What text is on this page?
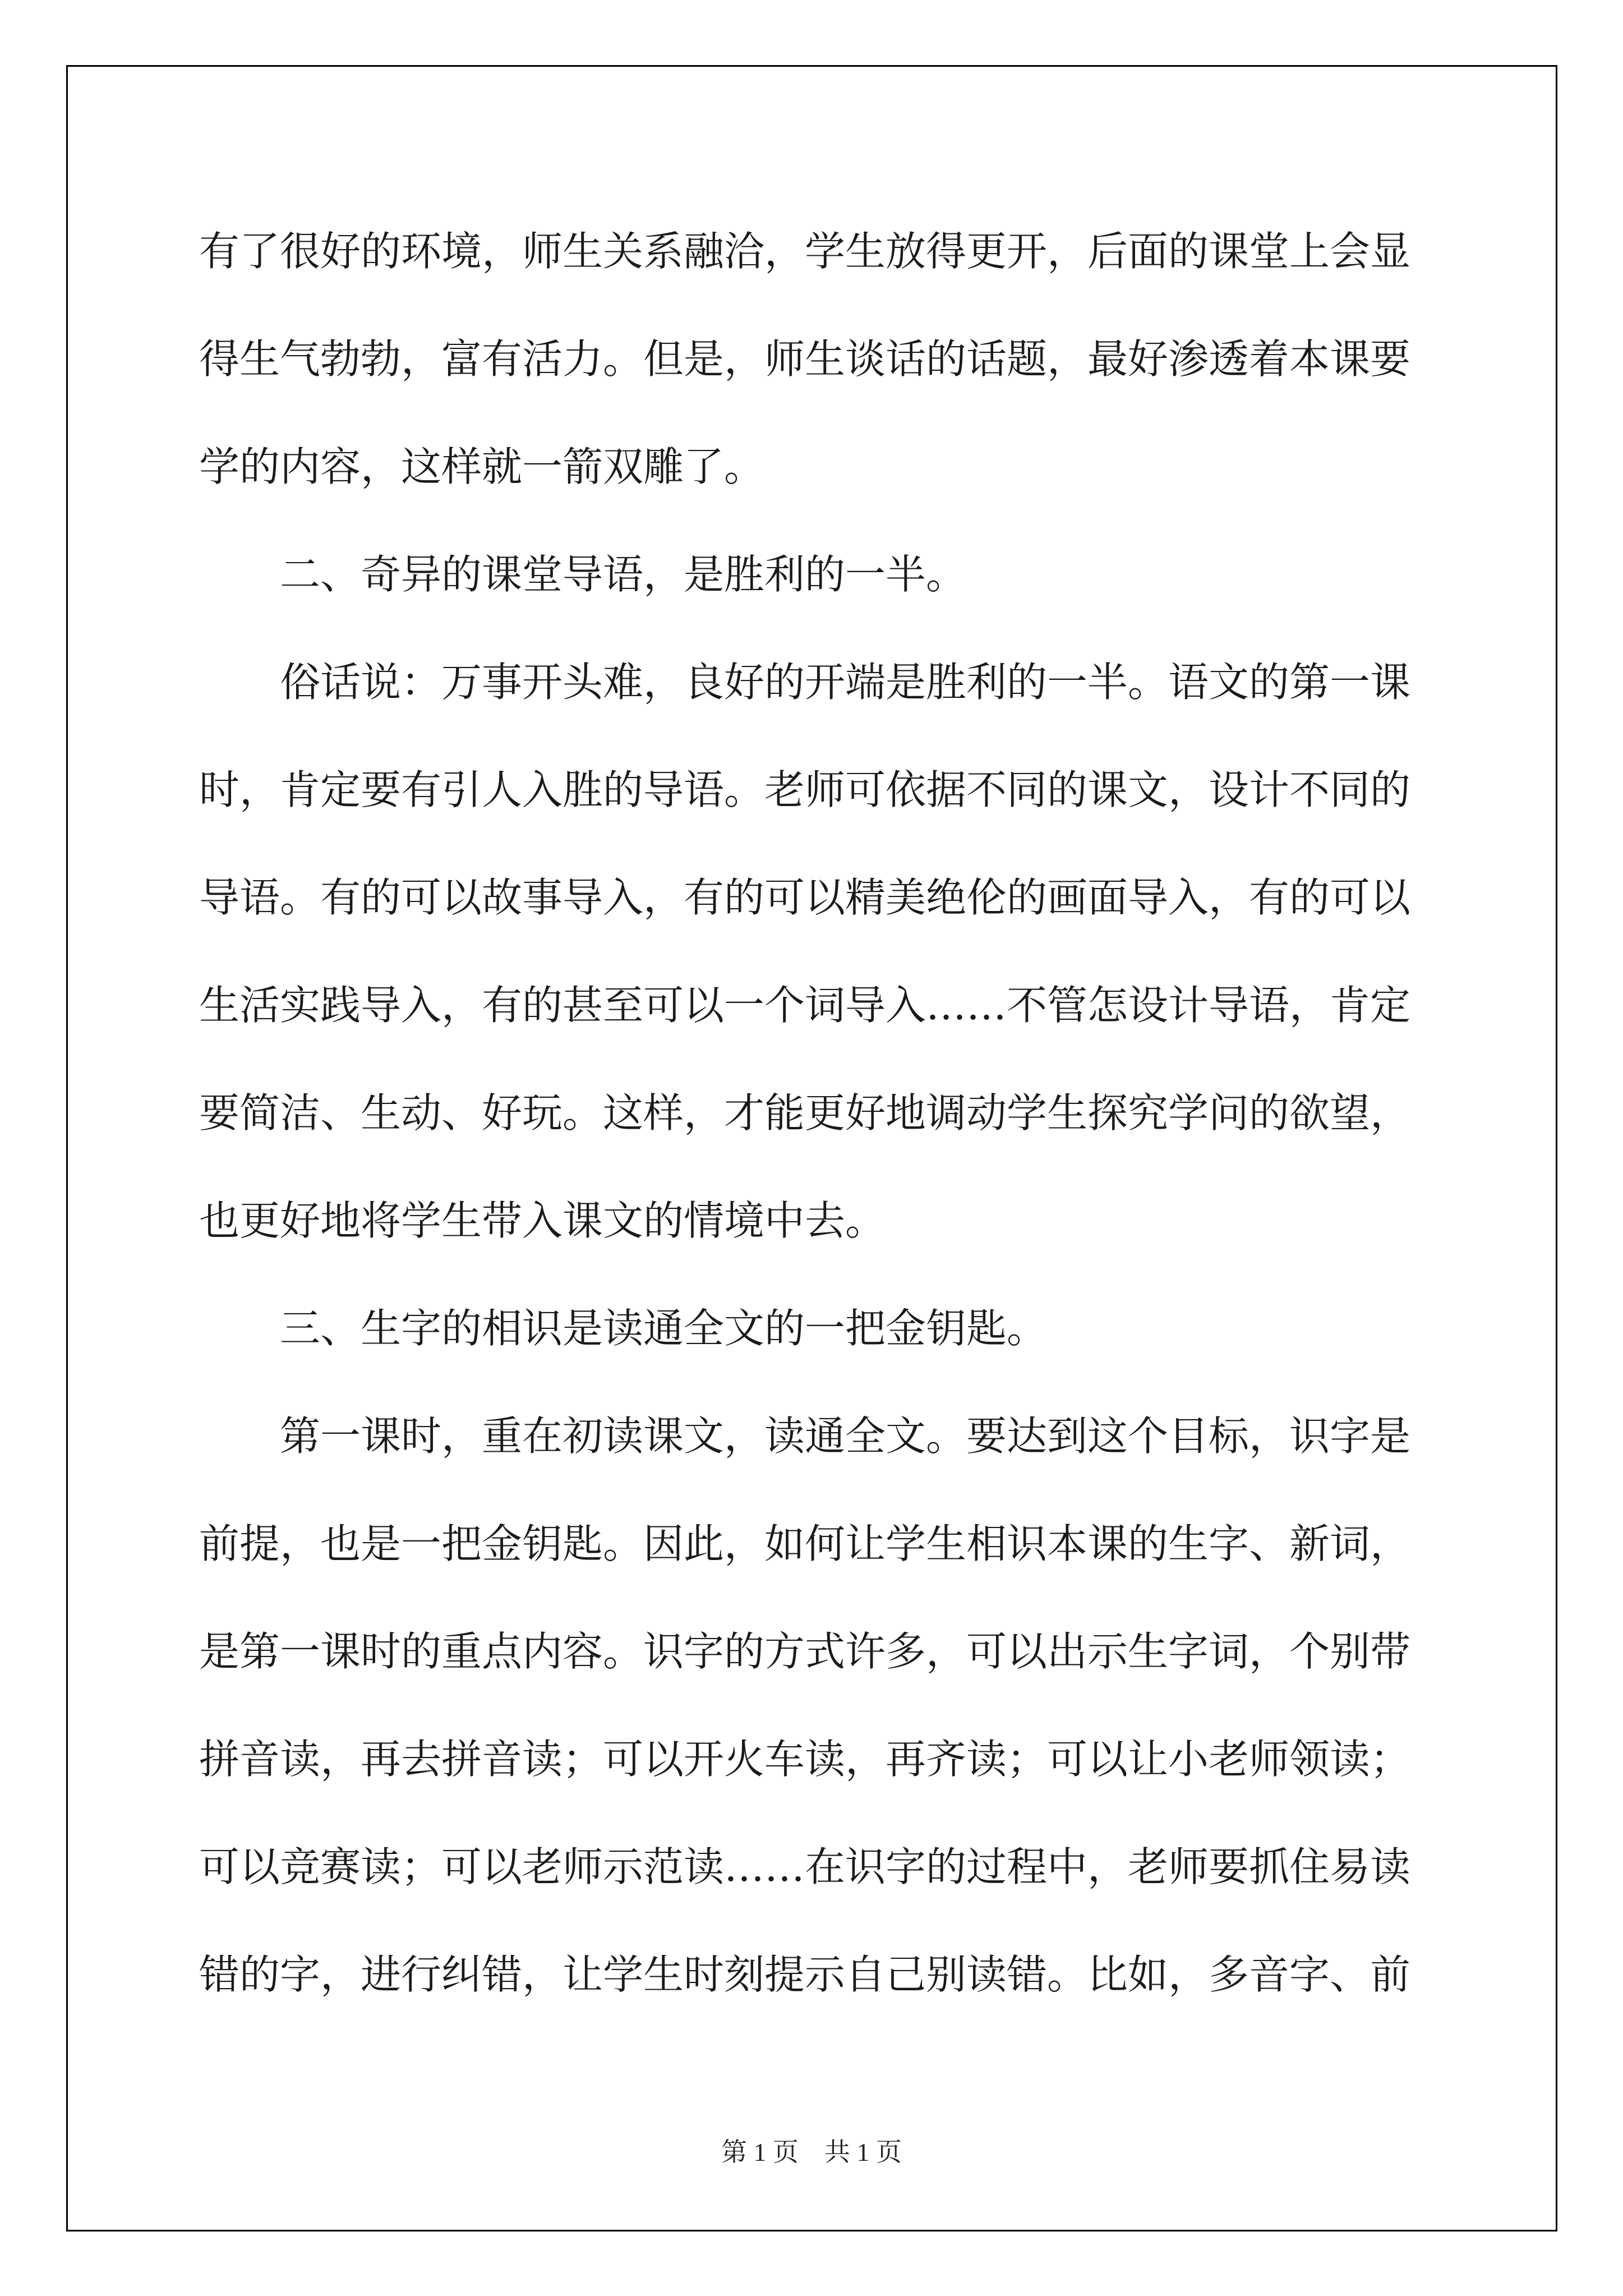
有了很好的环境，师生关系融洽，学生放得更开，后面的课堂上会显
得生气勃勃，富有活力。但是，师生谈话的话题，最好渗透着本课要
学的内容，这样就一箭双雕了。
　　二、奇异的课堂导语，是胜利的一半。
　　俗话说：万事开头难，良好的开端是胜利的一半。语文的第一课
时，肯定要有引人入胜的导语。老师可依据不同的课文，设计不同的
导语。有的可以故事导入，有的可以精美绝伦的画面导入，有的可以
生活实践导入，有的甚至可以一个词导入……不管怎设计导语，肯定
要简洁、生动、好玩。这样，才能更好地调动学生探究学问的欲望，
也更好地将学生带入课文的情境中去。
　　三、生字的相识是读通全文的一把金钥匙。
　　第一课时，重在初读课文，读通全文。要达到这个目标，识字是
前提，也是一把金钥匙。因此，如何让学生相识本课的生字、新词，
是第一课时的重点内容。识字的方式许多，可以出示生字词，个别带
拼音读，再去拼音读；可以开火车读，再齐读；可以让小老师领读；
可以竞赛读；可以老师示范读……在识字的过程中，老师要抓住易读
错的字，进行纠错，让学生时刻提示自己别读错。比如，多音字、前
第 1 页　共 1 页
